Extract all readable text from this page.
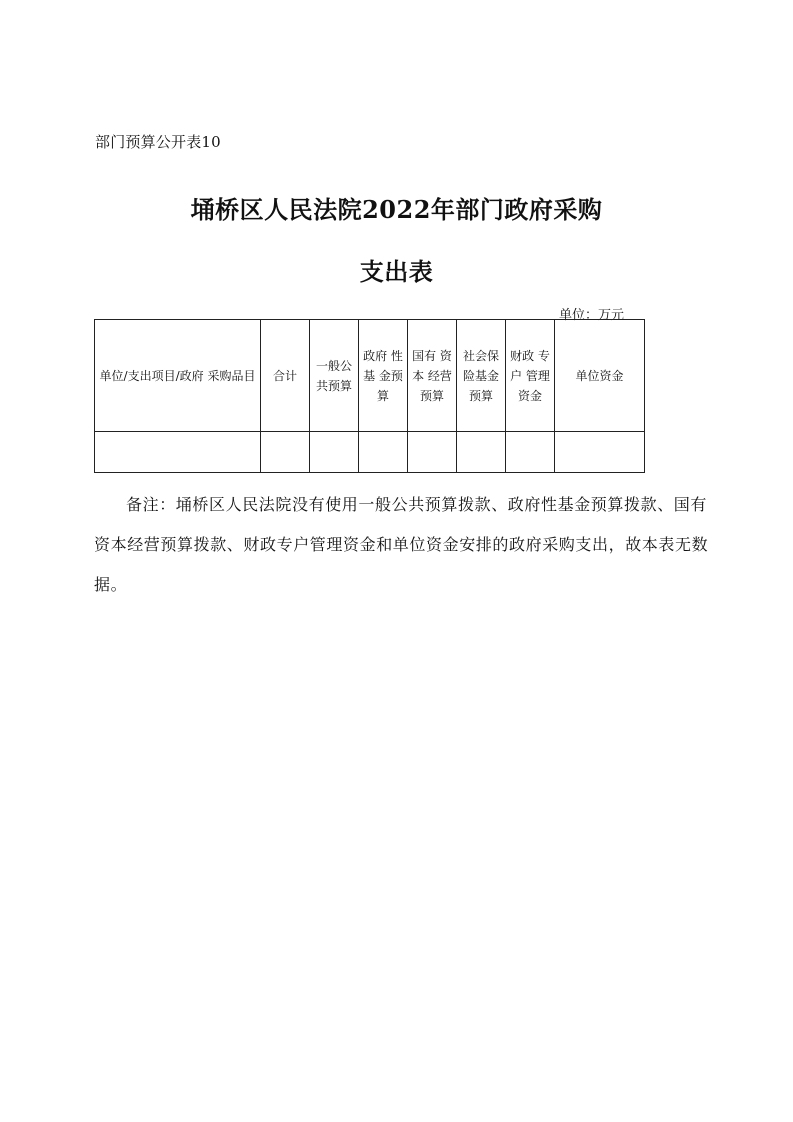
部门预算公开表10
埇桥区人民法院2022年部门政府采购
支出表
单位：万元
单位/支出项目/政府 采购品目	合计	一般公共预算	政府 性基 金预算	国有 资本 经营预算	社会保险基金预算	财政 专户 管理资金	单位资金

备注：埇桥区人民法院没有使用一般公共预算拨款、政府性基金预算拨款、国有资本经营预算拨款、财政专户管理资金和单位资金安排的政府采购支出，故本表无数据。
